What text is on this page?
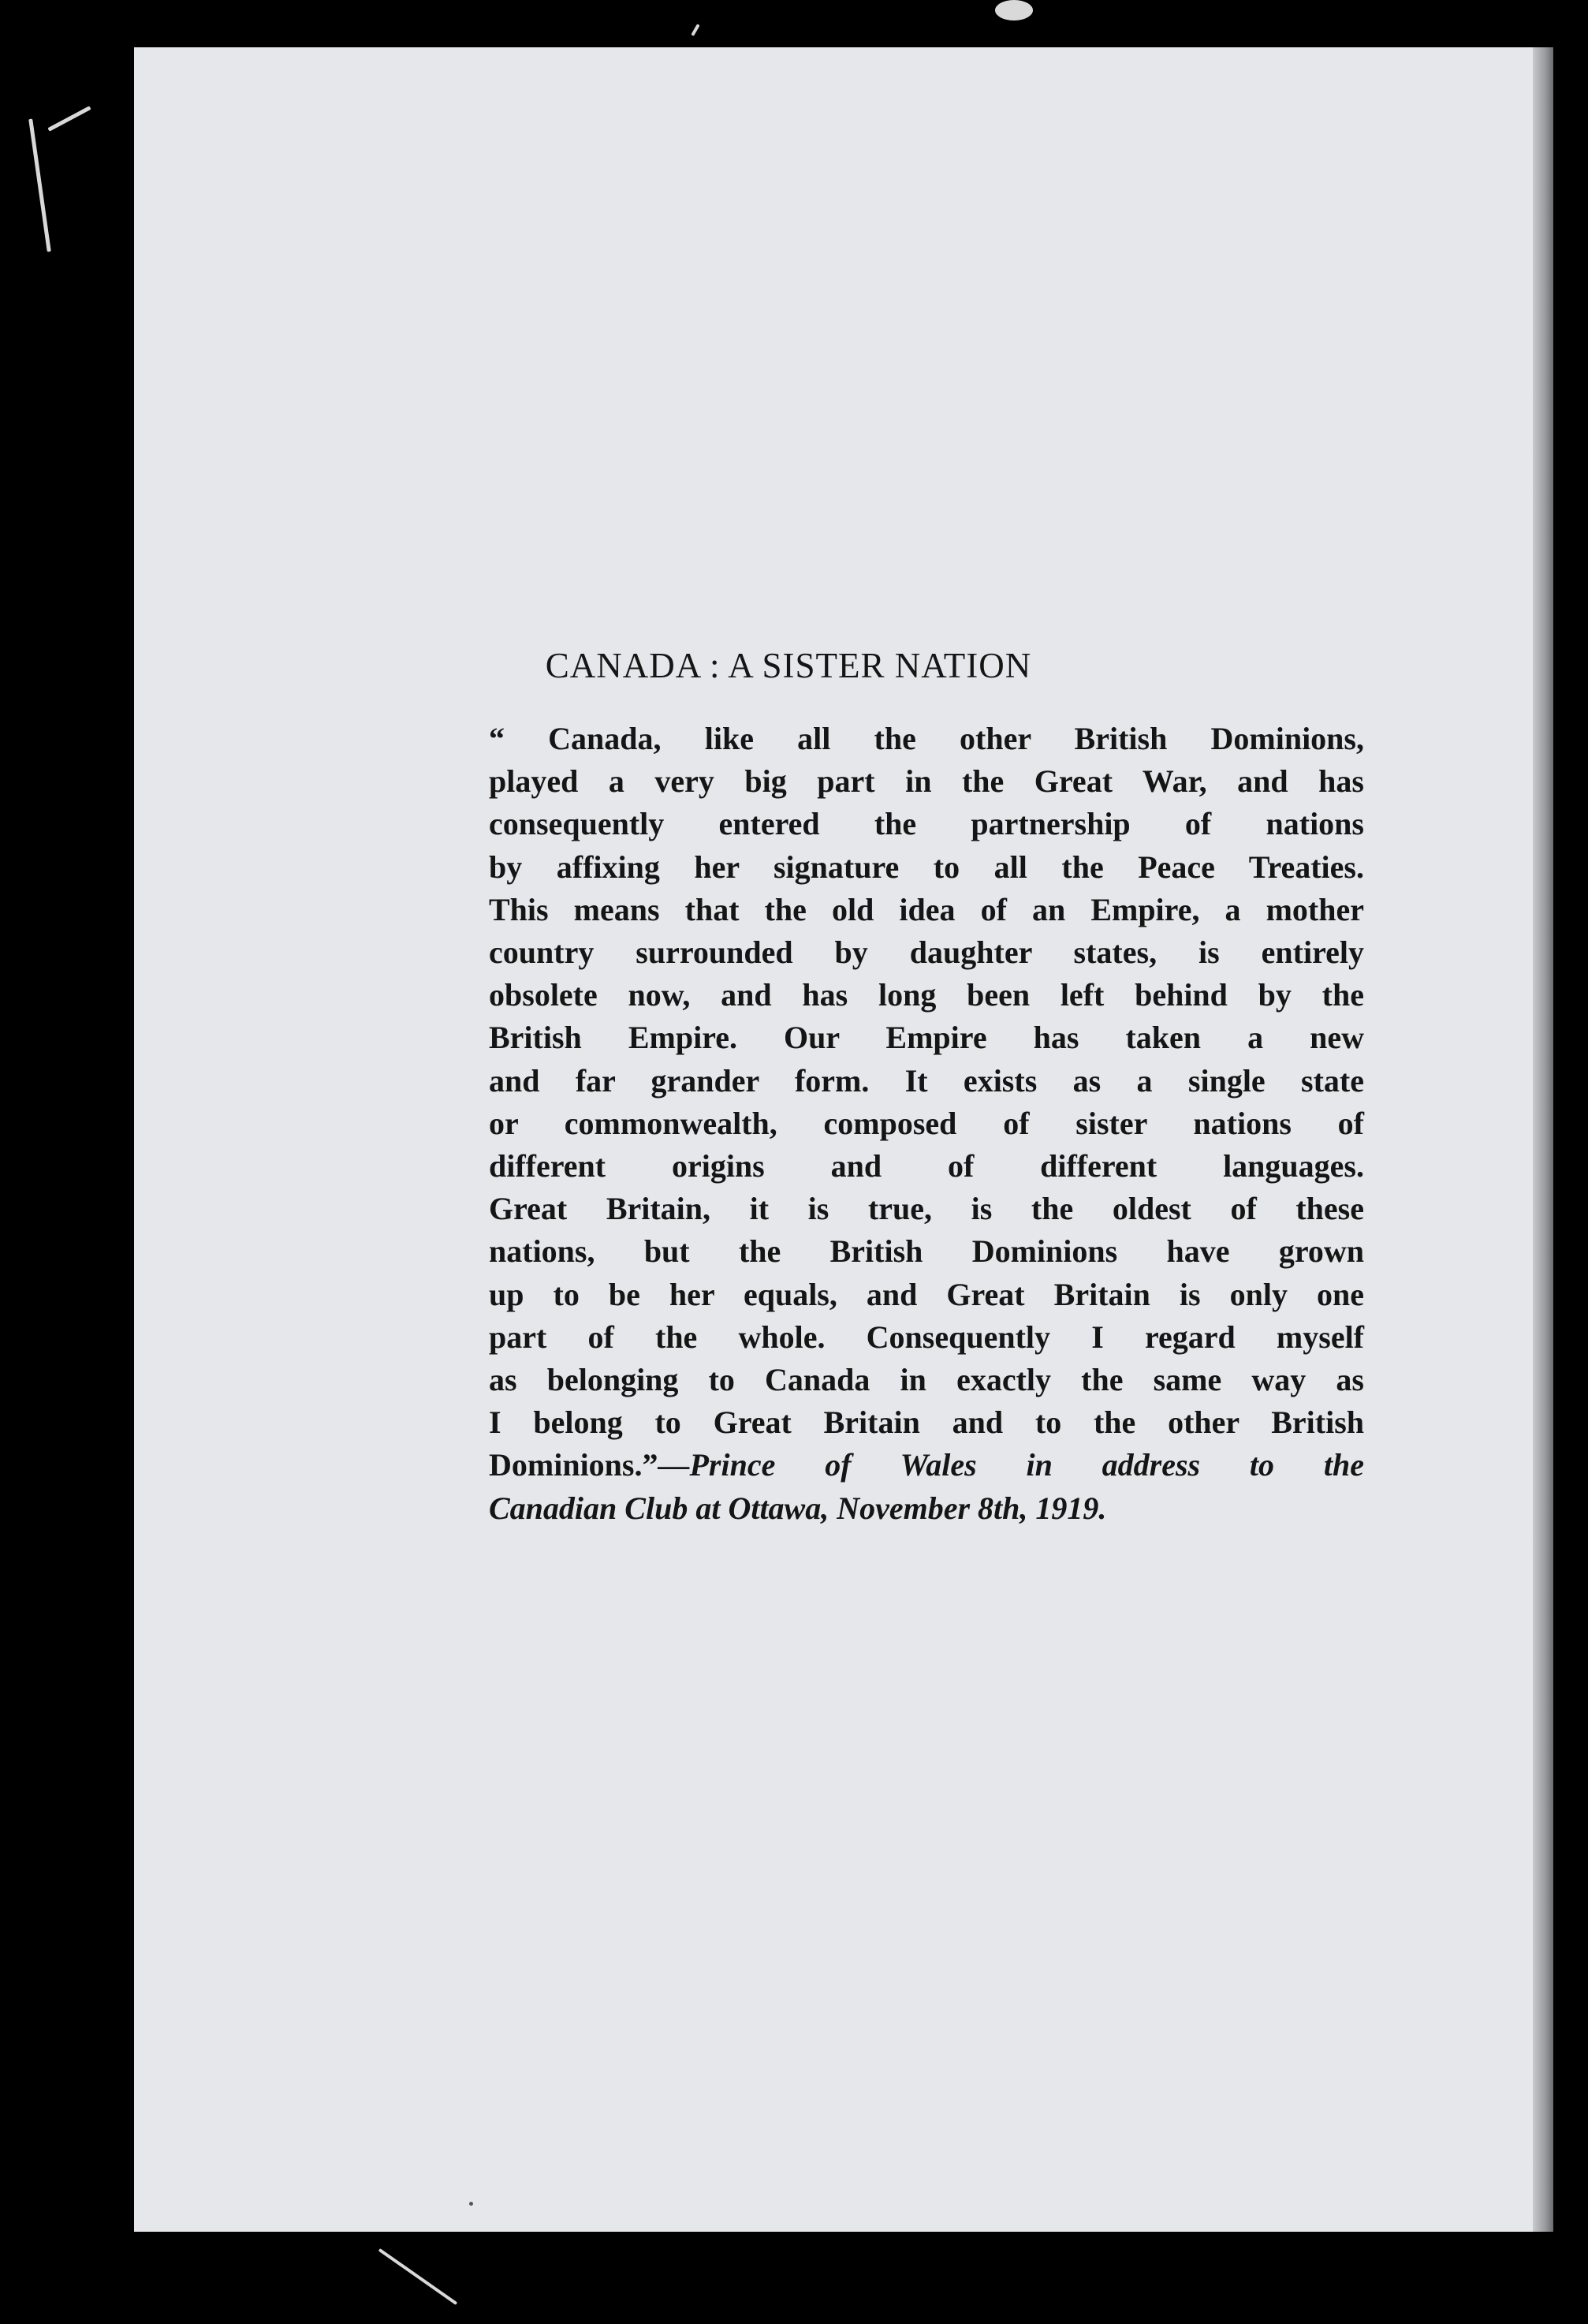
CANADA : A SISTER NATION

“ Canada, like all the other British Dominions,
played a very big part in the Great War, and has
consequently entered the partnership of nations
by affixing her signature to all the Peace Treaties.
This means that the old idea of an Empire, a mother
country surrounded by daughter states, is entirely
obsolete now, and has long been left behind by the
British Empire. Our Empire has taken a new
and far grander form. It exists as a single state
or commonwealth, composed of sister nations of
different origins and of different languages.
Great Britain, it is true, is the oldest of these
nations, but the British Dominions have grown
up to be her equals, and Great Britain is only one
part of the whole. Consequently I regard myself
as belonging to Canada in exactly the same way as
I belong to Great Britain and to the other British
Dominions.”—Prince of Wales in address to the
Canadian Club at Ottawa, November 8th, 1919.
